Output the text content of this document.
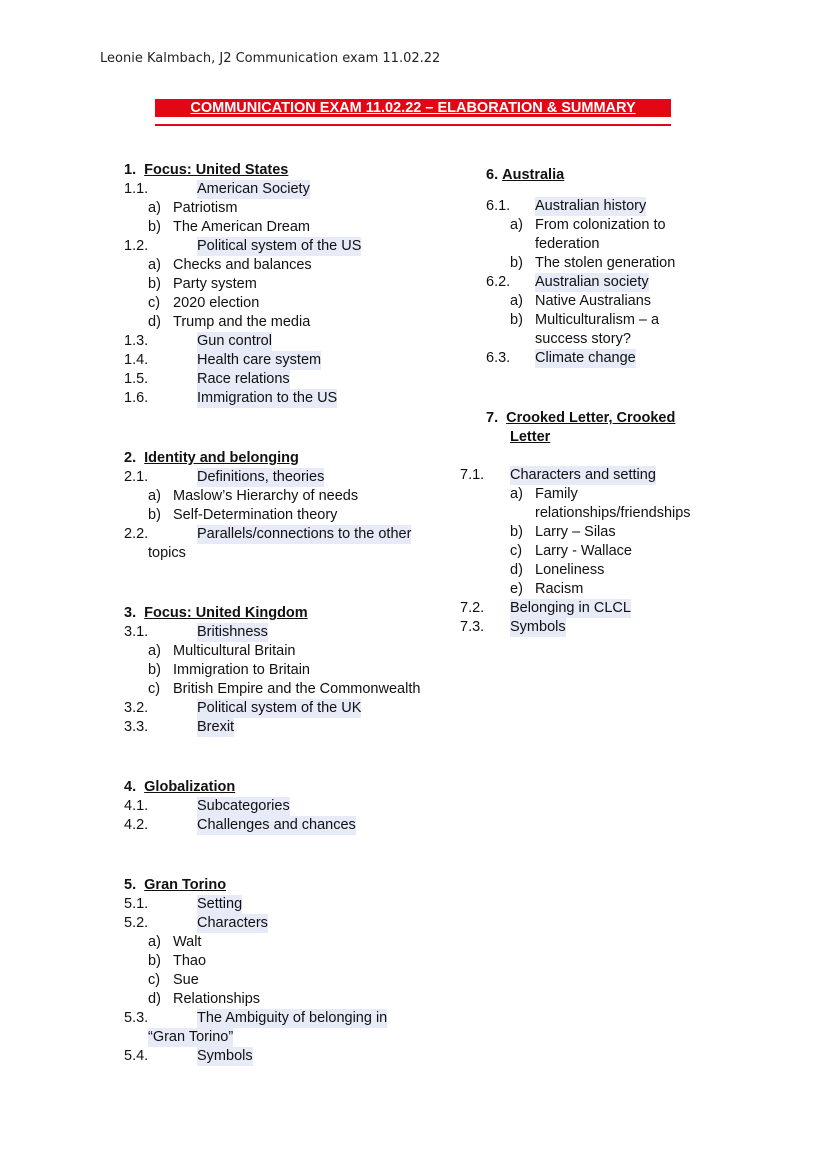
Leonie Kalmbach, J2 Communication exam 11.02.22
COMMUNICATION EXAM 11.02.22 – ELABORATION & SUMMARY
1. Focus: United States
1.1.	American Society
a) Patriotism
b) The American Dream
1.2.	Political system of the US
a) Checks and balances
b) Party system
c) 2020 election
d) Trump and the media
1.3.	Gun control
1.4.	Health care system
1.5.	Race relations
1.6.	Immigration to the US
2. Identity and belonging
2.1.	Definitions, theories
a) Maslow’s Hierarchy of needs
b) Self-Determination theory
2.2.	Parallels/connections to the other
topics
3. Focus: United Kingdom
3.1.	Britishness
a) Multicultural Britain
b) Immigration to Britain
c) British Empire and the Commonwealth
3.2.	Political system of the UK
3.3.	Brexit
4. Globalization
4.1.	Subcategories
4.2.	Challenges and chances
5. Gran Torino
5.1.	Setting
5.2.	Characters
a) Walt
b) Thao
c) Sue
d) Relationships
5.3.	The Ambiguity of belonging in
“Gran Torino”
5.4.	Symbols
6. Australia
6.1. Australian history
a) From colonization to
federation
b) The stolen generation
6.2. Australian society
a) Native Australians
b) Multiculturalism – a
success story?
6.3. Climate change
7. Crooked Letter, Crooked
Letter
7.1. Characters and setting
a) Family
relationships/friendships
b) Larry – Silas
c) Larry - Wallace
d) Loneliness
e) Racism
7.2. Belonging in CLCL
7.3. Symbols
